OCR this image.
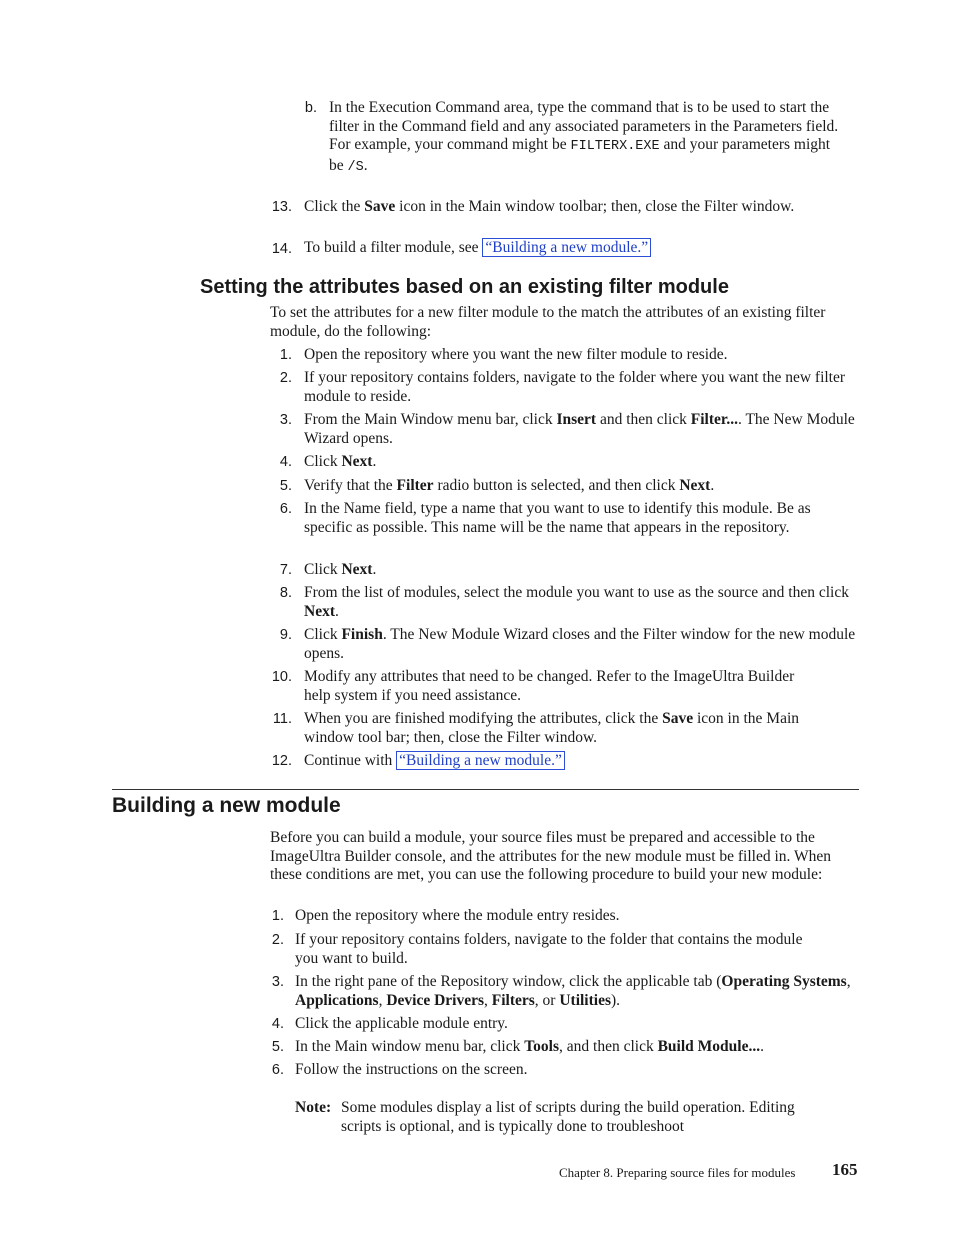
b. In the Execution Command area, type the command that is to be used to start the filter in the Command field and any associated parameters in the Parameters field. For example, your command might be FILTERX.EXE and your parameters might
be /S.
13. Click the Save icon in the Main window toolbar; then, close the Filter window.
14. To build a filter module, see “Building a new module.”
Setting the attributes based on an existing filter module
To set the attributes for a new filter module to the match the attributes of an existing filter module, do the following:
1. Open the repository where you want the new filter module to reside.
2. If your repository contains folders, navigate to the folder where you want the new filter module to reside.
3. From the Main Window menu bar, click Insert and then click Filter.... The New Module Wizard opens.
4. Click Next.
5. Verify that the Filter radio button is selected, and then click Next.
6. In the Name field, type a name that you want to use to identify this module. Be as specific as possible. This name will be the name that appears in the repository.
7. Click Next.
8. From the list of modules, select the module you want to use as the source and then click Next.
9. Click Finish. The New Module Wizard closes and the Filter window for the new module opens.
10. Modify any attributes that need to be changed. Refer to the ImageUltra Builder help system if you need assistance.
11. When you are finished modifying the attributes, click the Save icon in the Main window tool bar; then, close the Filter window.
12. Continue with “Building a new module.”
Building a new module
Before you can build a module, your source files must be prepared and accessible to the ImageUltra Builder console, and the attributes for the new module must be filled in. When these conditions are met, you can use the following procedure to build your new module:
1. Open the repository where the module entry resides.
2. If your repository contains folders, navigate to the folder that contains the module you want to build.
3. In the right pane of the Repository window, click the applicable tab (Operating Systems, Applications, Device Drivers, Filters, or Utilities).
4. Click the applicable module entry.
5. In the Main window menu bar, click Tools, and then click Build Module....
6. Follow the instructions on the screen.
Note: Some modules display a list of scripts during the build operation. Editing scripts is optional, and is typically done to troubleshoot
Chapter 8. Preparing source files for modules 165
